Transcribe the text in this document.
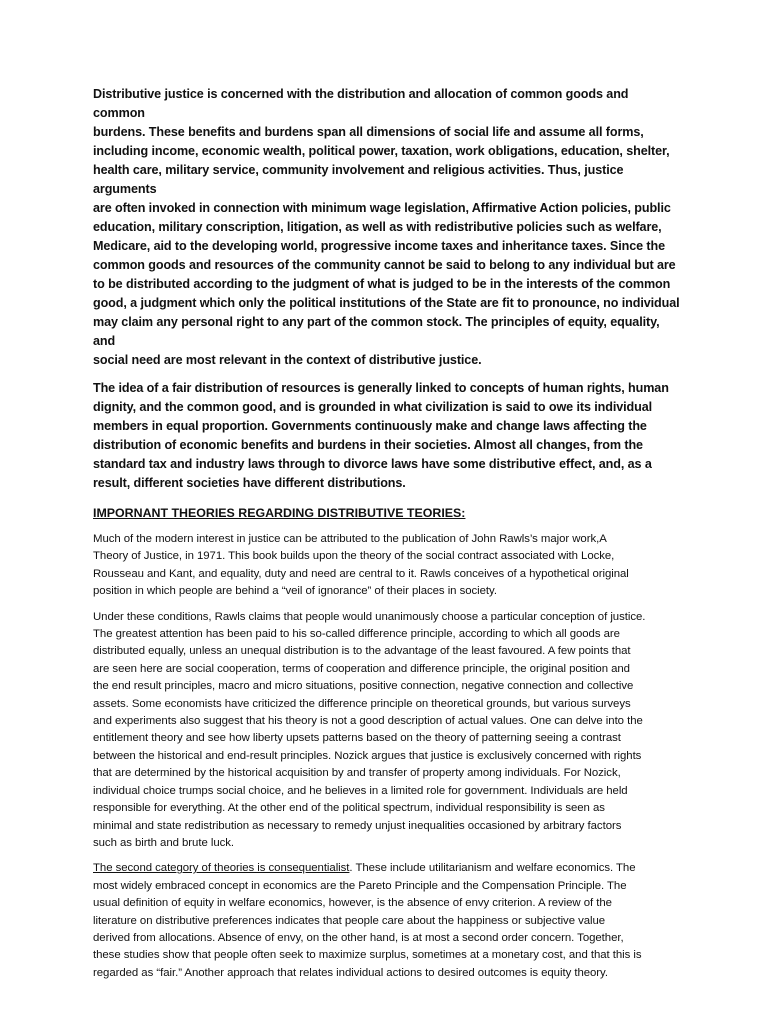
Distributive justice is concerned with the distribution and allocation of common goods and common
burdens. These benefits and burdens span all dimensions of social life and assume all forms,
including income, economic wealth, political power, taxation, work obligations, education, shelter,
health care, military service, community involvement and religious activities. Thus, justice arguments
are often invoked in connection with minimum wage legislation, Affirmative Action policies, public
education, military conscription, litigation, as well as with redistributive policies such as welfare,
Medicare, aid to the developing world, progressive income taxes and inheritance taxes. Since the
common goods and resources of the community cannot be said to belong to any individual but are
to be distributed according to the judgment of what is judged to be in the interests of the common
good, a judgment which only the political institutions of the State are fit to pronounce, no individual
may claim any personal right to any part of the common stock. The principles of equity, equality, and
social need are most relevant in the context of distributive justice.

The idea of a fair distribution of resources is generally linked to concepts of human rights, human
dignity, and the common good, and is grounded in what civilization is said to owe its individual
members in equal proportion. Governments continuously make and change laws affecting the
distribution of economic benefits and burdens in their societies. Almost all changes, from the
standard tax and industry laws through to divorce laws have some distributive effect, and, as a
result, different societies have different distributions.

IMPORNANT THEORIES REGARDING DISTRIBUTIVE TEORIES:

Much of the modern interest in justice can be attributed to the publication of John Rawls’s major work,A
Theory of Justice, in 1971. This book builds upon the theory of the social contract associated with Locke,
Rousseau and Kant, and equality, duty and need are central to it. Rawls conceives of a hypothetical original
position in which people are behind a “veil of ignorance” of their places in society.

Under these conditions, Rawls claims that people would unanimously choose a particular conception of justice.
The greatest attention has been paid to his so-called difference principle, according to which all goods are
distributed equally, unless an unequal distribution is to the advantage of the least favoured. A few points that
are seen here are social cooperation, terms of cooperation and difference principle, the original position and
the end result principles, macro and micro situations, positive connection, negative connection and collective
assets. Some economists have criticized the difference principle on theoretical grounds, but various surveys
and experiments also suggest that his theory is not a good description of actual values. One can delve into the
entitlement theory and see how liberty upsets patterns based on the theory of patterning seeing a contrast
between the historical and end-result principles. Nozick argues that justice is exclusively concerned with rights
that are determined by the historical acquisition by and transfer of property among individuals. For Nozick,
individual choice trumps social choice, and he believes in a limited role for government. Individuals are held
responsible for everything. At the other end of the political spectrum, individual responsibility is seen as
minimal and state redistribution as necessary to remedy unjust inequalities occasioned by arbitrary factors
such as birth and brute luck.

The second category of theories is consequentialist. These include utilitarianism and welfare economics. The
most widely embraced concept in economics are the Pareto Principle and the Compensation Principle. The
usual definition of equity in welfare economics, however, is the absence of envy criterion. A review of the
literature on distributive preferences indicates that people care about the happiness or subjective value
derived from allocations. Absence of envy, on the other hand, is at most a second order concern. Together,
these studies show that people often seek to maximize surplus, sometimes at a monetary cost, and that this is
regarded as “fair.” Another approach that relates individual actions to desired outcomes is equity theory.
